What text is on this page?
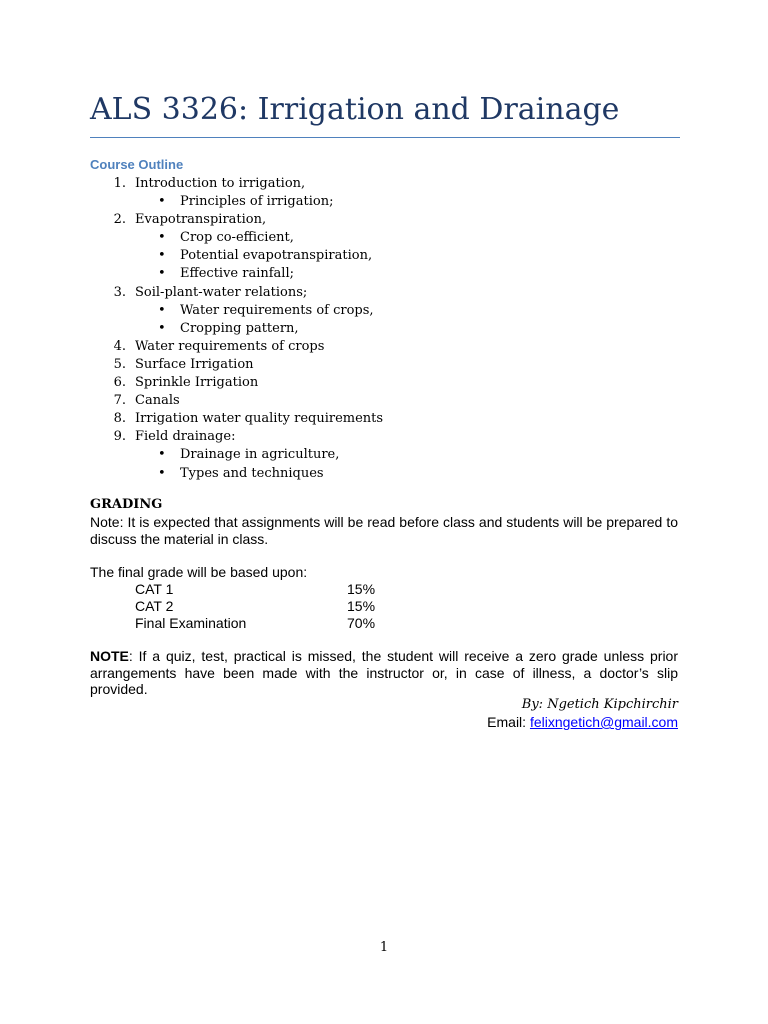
ALS 3326: Irrigation and Drainage
Course Outline
1. Introduction to irrigation,
• Principles of irrigation;
2. Evapotranspiration,
• Crop co-efficient,
• Potential evapotranspiration,
• Effective rainfall;
3. Soil-plant-water relations;
• Water requirements of crops,
• Cropping pattern,
4. Water requirements of crops
5. Surface Irrigation
6. Sprinkle Irrigation
7. Canals
8. Irrigation water quality requirements
9. Field drainage:
• Drainage in agriculture,
• Types and techniques
GRADING
Note: It is expected that assignments will be read before class and students will be prepared to discuss the material in class.
The final grade will be based upon:
CAT 1	15%
CAT 2	15%
Final Examination	70%
NOTE: If a quiz, test, practical is missed, the student will receive a zero grade unless prior arrangements have been made with the instructor or, in case of illness, a doctor’s slip provided.
By: Ngetich Kipchirchir
Email: felixngetich@gmail.com
1
